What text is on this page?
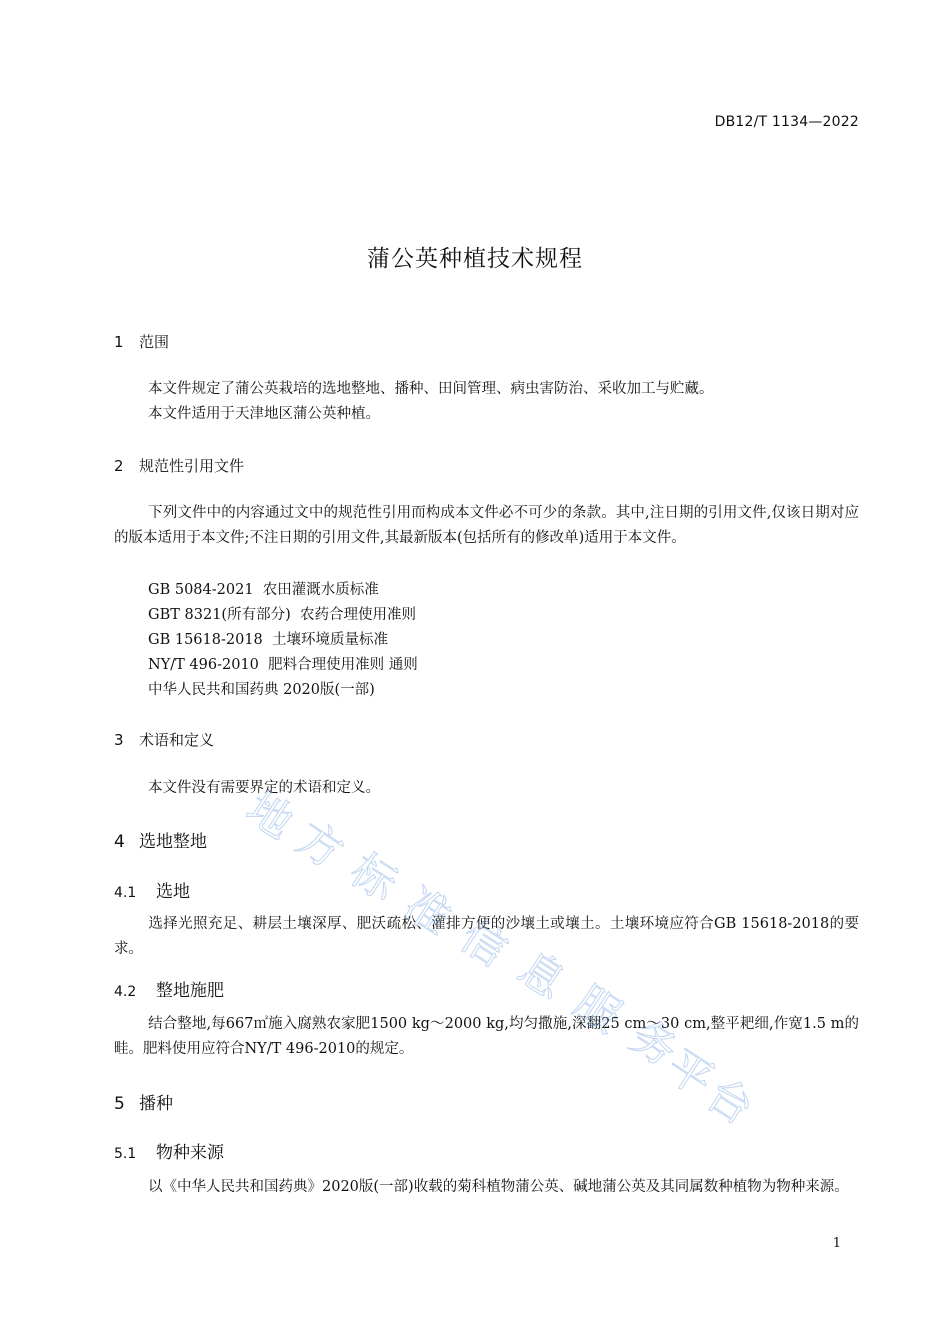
DB12/T 1134—2022
蒲公英种植技术规程
1 范围
本文件规定了蒲公英栽培的选地整地、播种、田间管理、病虫害防治、采收加工与贮藏。
本文件适用于天津地区蒲公英种植。
2 规范性引用文件
下列文件中的内容通过文中的规范性引用而构成本文件必不可少的条款。其中,注日期的引用文件,仅该日期对应的版本适用于本文件;不注日期的引用文件,其最新版本(包括所有的修改单)适用于本文件。
GB 5084-2021  农田灌溉水质标准
GBT 8321(所有部分)  农药合理使用准则
GB 15618-2018  土壤环境质量标准
NY/T 496-2010  肥料合理使用准则 通则
中华人民共和国药典 2020版(一部)
3 术语和定义
本文件没有需要界定的术语和定义。
4 选地整地
4.1 选地
选择光照充足、耕层土壤深厚、肥沃疏松、灌排方便的沙壤土或壤土。土壤环境应符合GB 15618-2018的要求。
4.2 整地施肥
结合整地,每667㎡施入腐熟农家肥1500 kg～2000 kg,均匀撒施,深翻25 cm～30 cm,整平耙细,作宽1.5 m的畦。肥料使用应符合NY/T 496-2010的规定。
5 播种
5.1 物种来源
以《中华人民共和国药典》2020版(一部)收载的菊科植物蒲公英、碱地蒲公英及其同属数种植物为物种来源。
地
方
标
准
信
息
服
务
平
台
1
